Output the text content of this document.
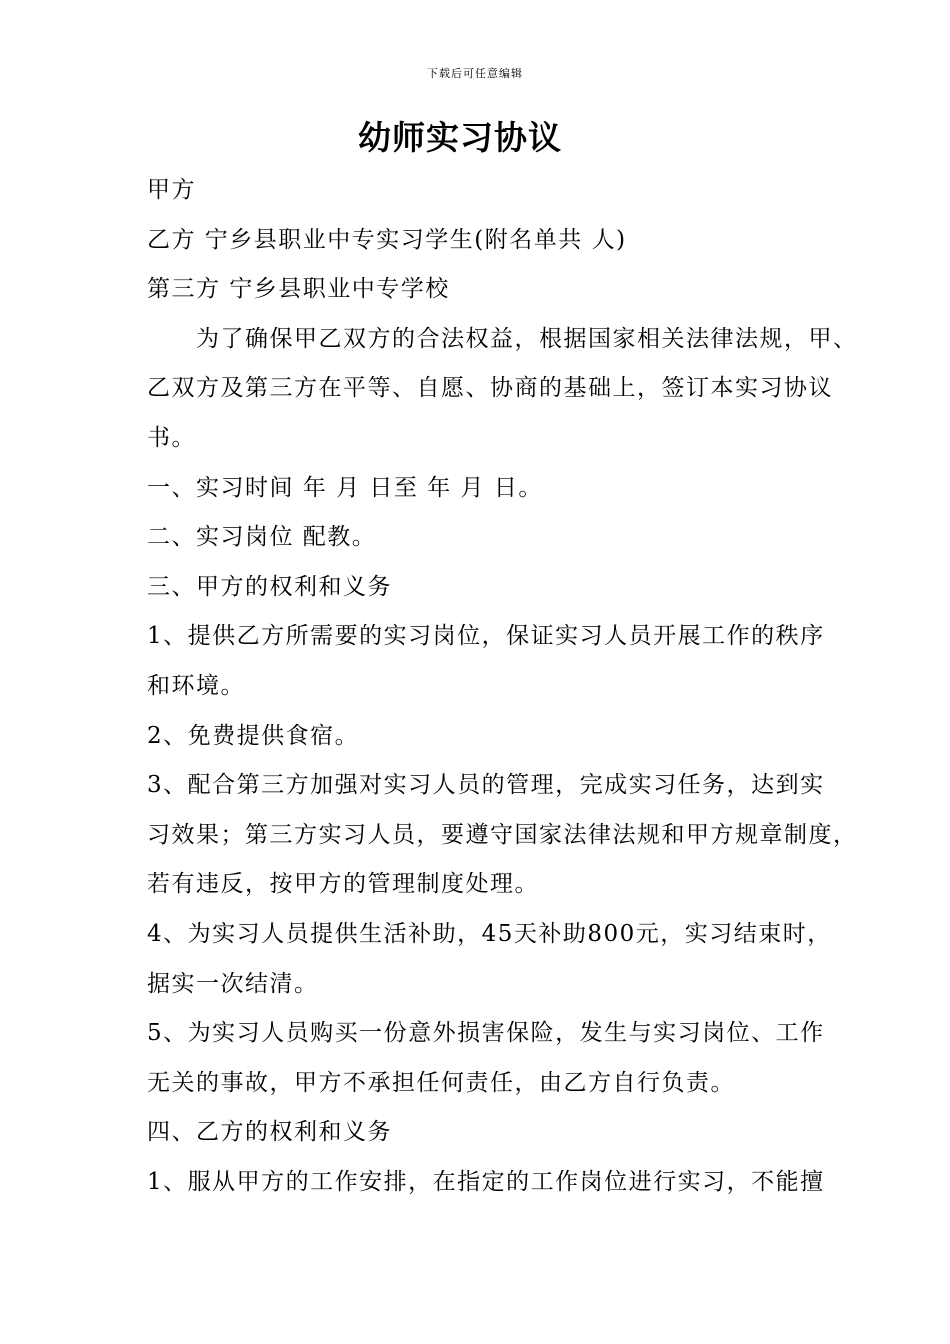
下载后可任意编辑
幼师实习协议
甲方
乙方 宁乡县职业中专实习学生(附名单共 人)
第三方 宁乡县职业中专学校
为了确保甲乙双方的合法权益，根据国家相关法律法规，甲、
乙双方及第三方在平等、自愿、协商的基础上，签订本实习协议
书。
一、实习时间 年 月 日至 年 月 日。
二、实习岗位 配教。
三、甲方的权利和义务
1、提供乙方所需要的实习岗位，保证实习人员开展工作的秩序
和环境。
2、免费提供食宿。
3、配合第三方加强对实习人员的管理，完成实习任务，达到实
习效果；第三方实习人员，要遵守国家法律法规和甲方规章制度，
若有违反，按甲方的管理制度处理。
4、为实习人员提供生活补助，45天补助800元，实习结束时，
据实一次结清。
5、为实习人员购买一份意外损害保险，发生与实习岗位、工作
无关的事故，甲方不承担任何责任，由乙方自行负责。
四、乙方的权利和义务
1、服从甲方的工作安排，在指定的工作岗位进行实习，不能擅
